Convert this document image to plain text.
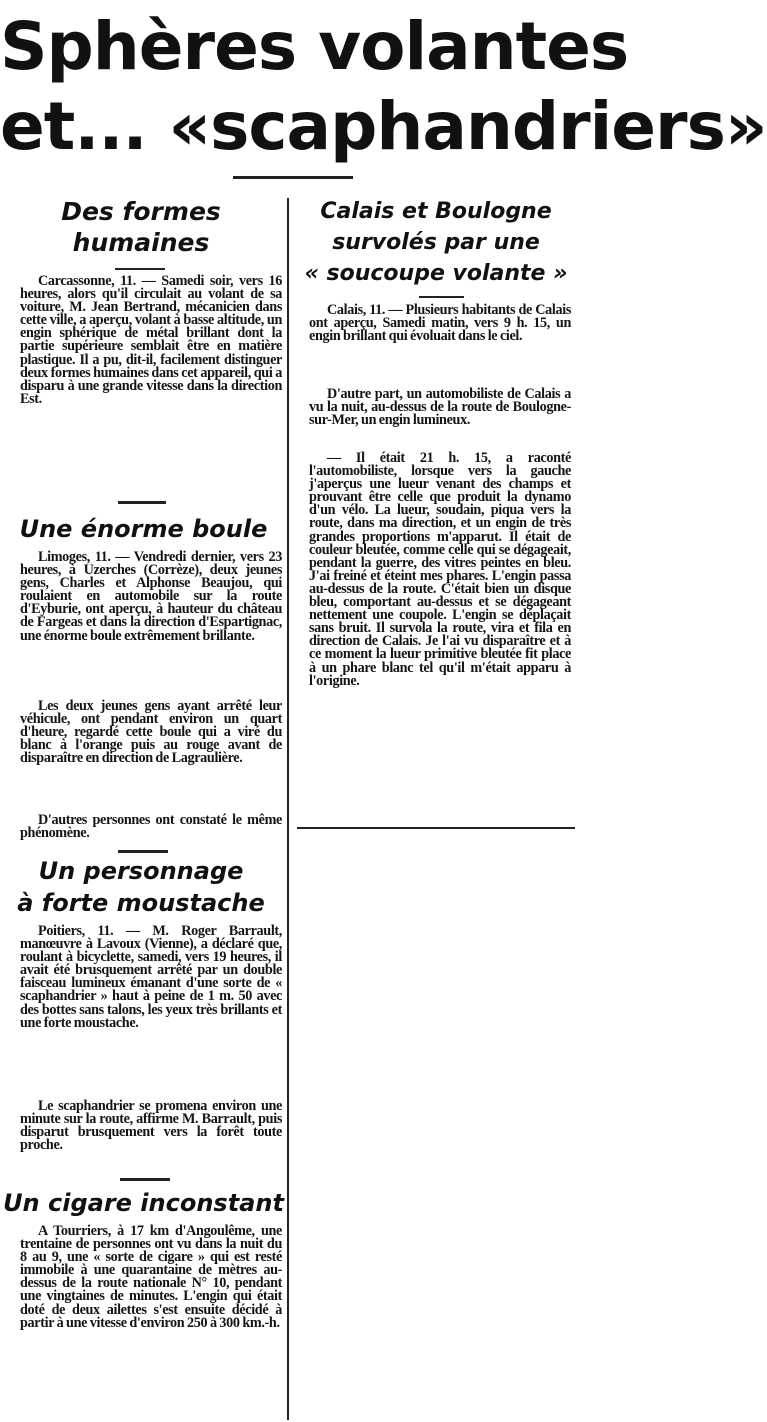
Sphères volantes
et... «scaphandriers»
Des formes
humaines
Carcassonne, 11. — Samedi soir, vers 16 heures, alors qu'il circulait au volant de sa voiture, M. Jean Bertrand, mécanicien dans cette ville, a aperçu, volant à basse altitude, un engin sphérique de métal brillant dont la partie supérieure semblait être en matière plastique. Il a pu, dit-il, facilement distinguer deux formes humaines dans cet appareil, qui a disparu à une grande vitesse dans la direction Est.
Une énorme boule
Limoges, 11. — Vendredi dernier, vers 23 heures, à Uzerches (Corrèze), deux jeunes gens, Charles et Alphonse Beaujou, qui roulaient en automobile sur la route d'Eyburie, ont aperçu, à hauteur du château de Fargeas et dans la direction d'Espartignac, une énorme boule extrêmement brillante.
Les deux jeunes gens ayant arrêté leur véhicule, ont pendant environ un quart d'heure, regardé cette boule qui a viré du blanc à l'orange puis au rouge avant de disparaître en direction de Lagraulière.
D'autres personnes ont constaté le même phénomène.
Un personnage
à forte moustache
Poitiers, 11. — M. Roger Barrault, manœuvre à Lavoux (Vienne), a déclaré que, roulant à bicyclette, samedi, vers 19 heures, il avait été brusquement arrêté par un double faisceau lumineux émanant d'une sorte de « scaphandrier » haut à peine de 1 m. 50 avec des bottes sans talons, les yeux très brillants et une forte moustache.
Le scaphandrier se promena environ une minute sur la route, affirme M. Barrault, puis disparut brusquement vers la forêt toute proche.
Un cigare inconstant
A Tourriers, à 17 km d'Angoulême, une trentaine de personnes ont vu dans la nuit du 8 au 9, une « sorte de cigare » qui est resté immobile à une quarantaine de mètres au-dessus de la route nationale N° 10, pendant une vingtaines de minutes. L'engin qui était doté de deux ailettes s'est ensuite décidé à partir à une vitesse d'environ 250 à 300 km.-h.
Calais et Boulogne
survolés par une
« soucoupe volante »
Calais, 11. — Plusieurs habitants de Calais ont aperçu, Samedi matin, vers 9 h. 15, un engin brillant qui évoluait dans le ciel.
D'autre part, un automobiliste de Calais a vu la nuit, au-dessus de la route de Boulogne-sur-Mer, un engin lumineux.
— Il était 21 h. 15, a raconté l'automobiliste, lorsque vers la gauche j'aperçus une lueur venant des champs et prouvant être celle que produit la dynamo d'un vélo. La lueur, soudain, piqua vers la route, dans ma direction, et un engin de très grandes proportions m'apparut. Il était de couleur bleutée, comme celle qui se dégageait, pendant la guerre, des vitres peintes en bleu. J'ai freiné et éteint mes phares. L'engin passa au-dessus de la route. C'était bien un disque bleu, comportant au-dessus et se dégageant nettement une coupole. L'engin se déplaçait sans bruit. Il survola la route, vira et fila en direction de Calais. Je l'ai vu disparaître et à ce moment la lueur primitive bleutée fit place à un phare blanc tel qu'il m'était apparu à l'origine.
